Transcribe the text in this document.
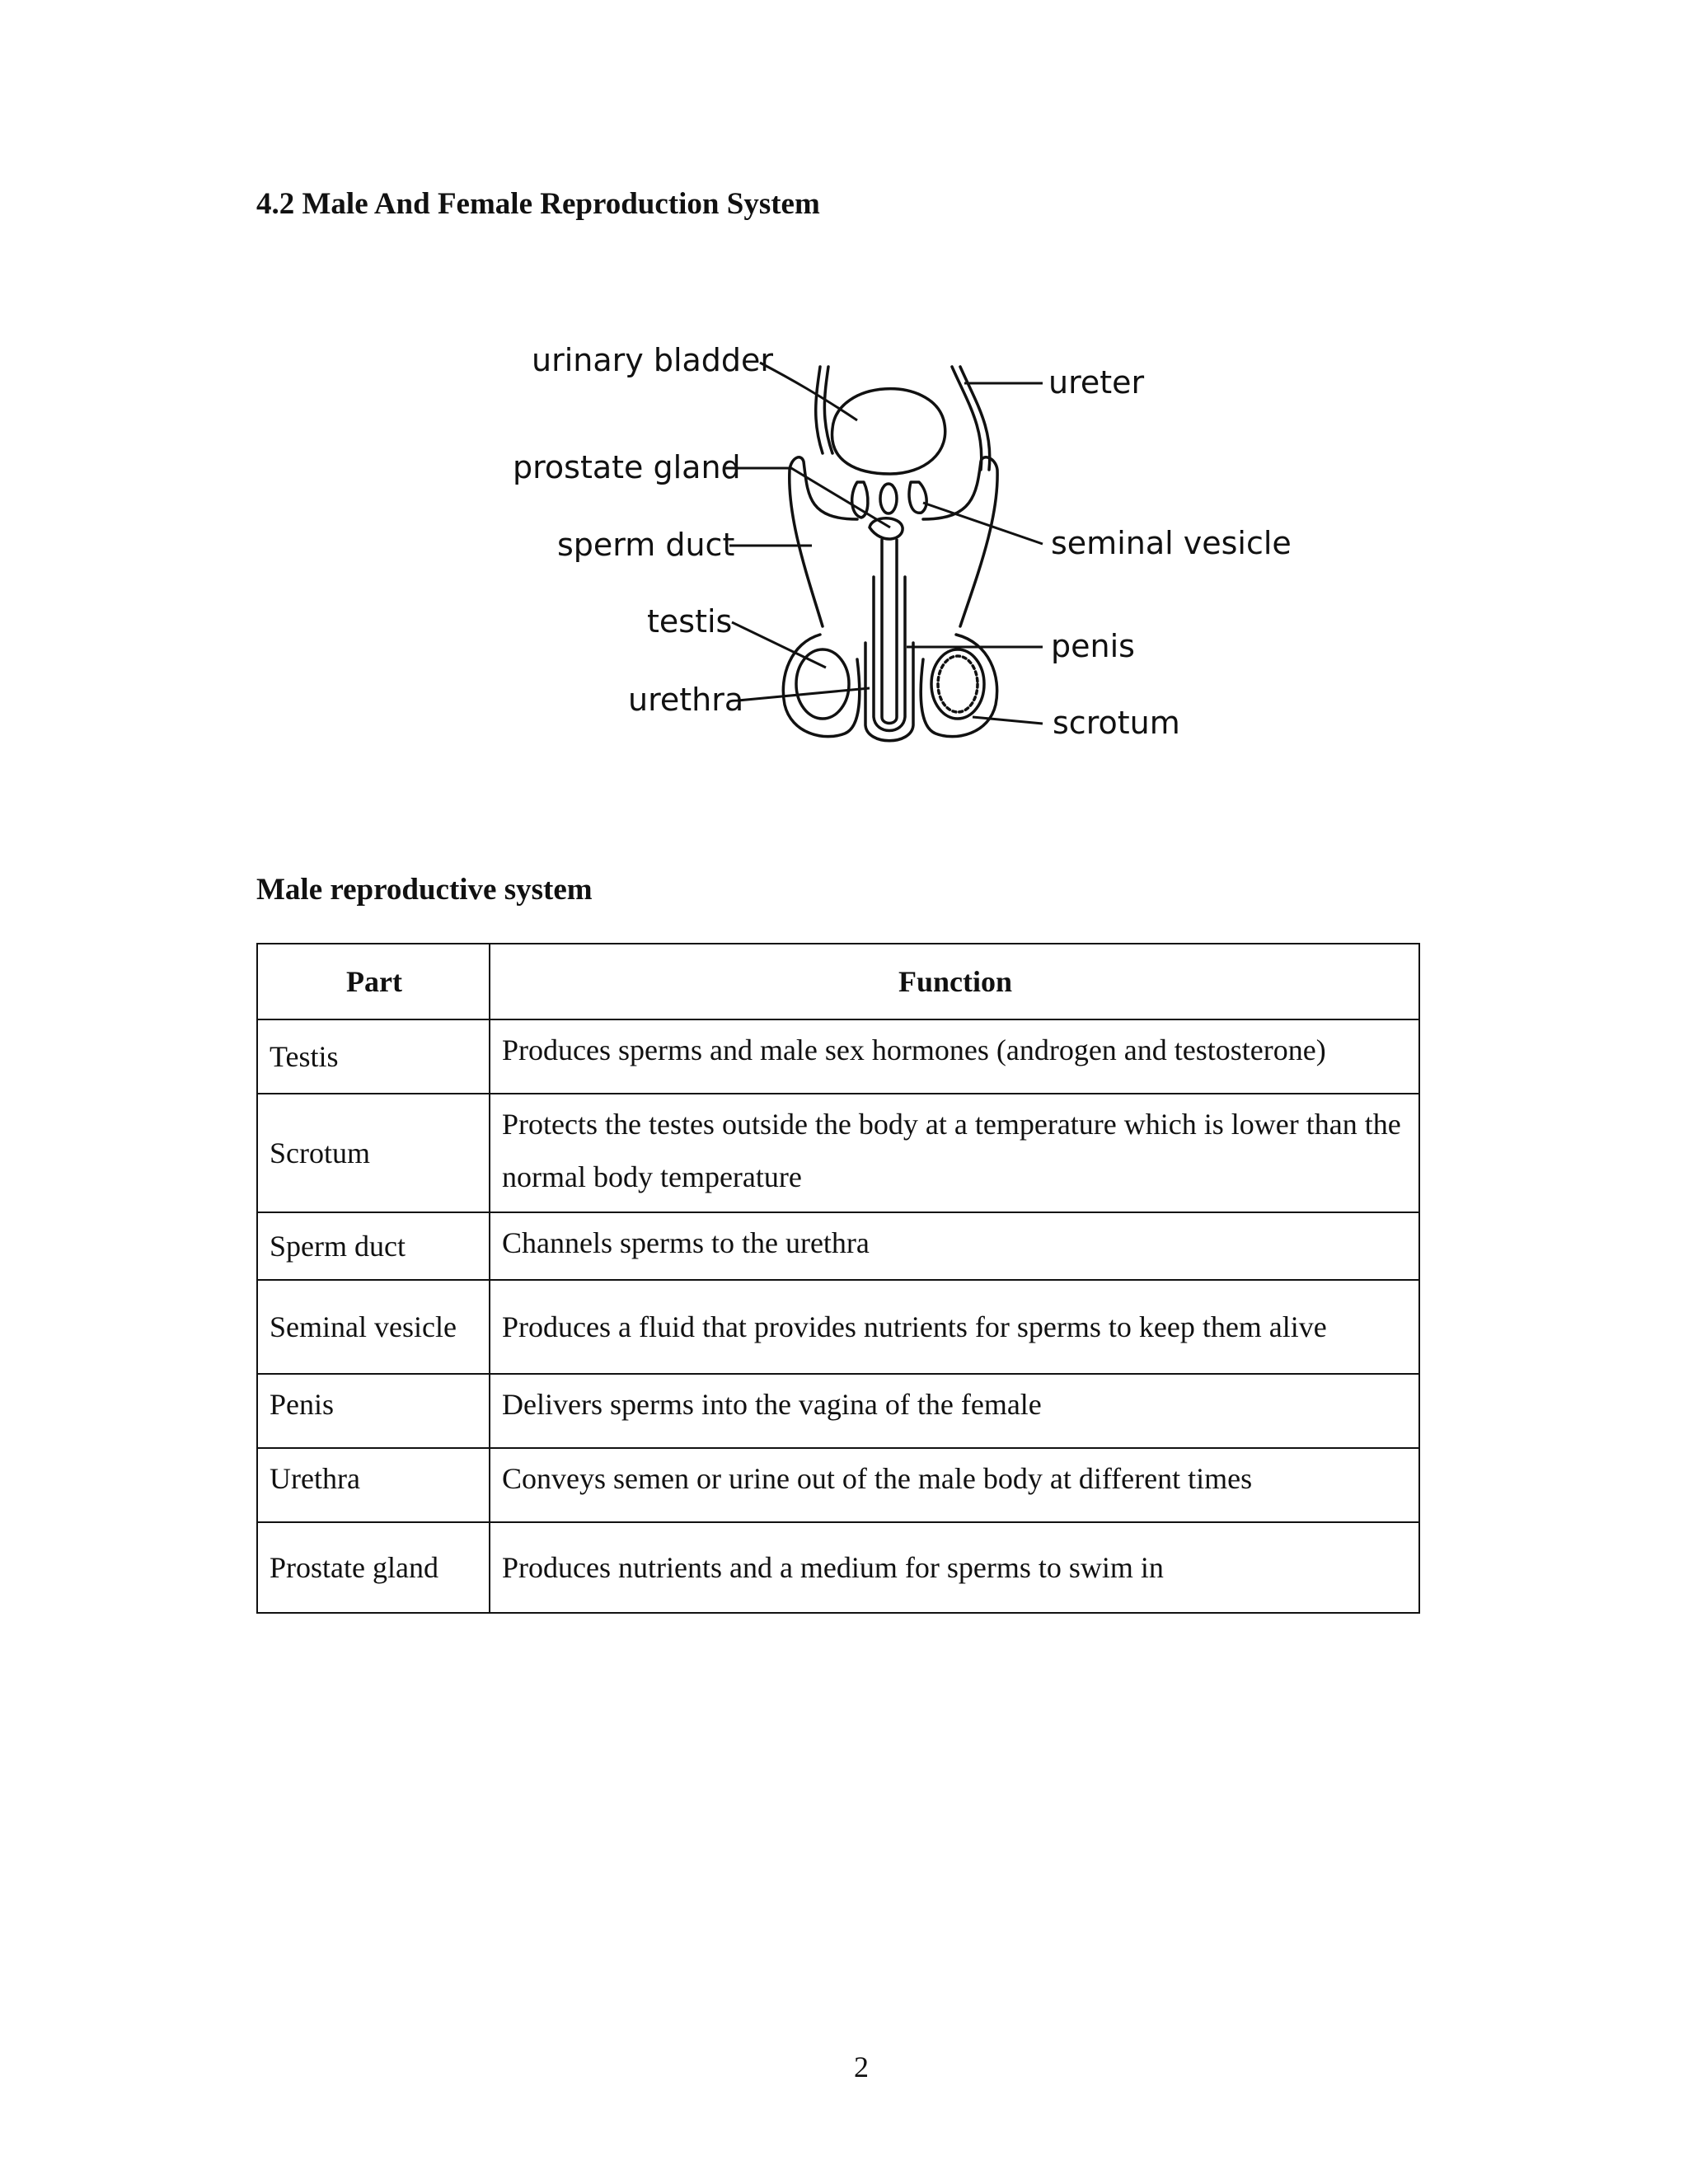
4.2 Male And Female Reproduction System
urinary bladder
prostate gland
sperm duct
testis
urethra
ureter
seminal vesicle
penis
scrotum
Male reproductive system
Part	Function
Testis	Produces sperms and male sex hormones (androgen and testosterone)
Scrotum	Protects the testes outside the body at a temperature which is lower than the normal body temperature
Sperm duct	Channels sperms to the urethra
Seminal vesicle	Produces a fluid that provides nutrients for sperms to keep them alive
Penis	Delivers sperms into the vagina of the female
Urethra	Conveys semen or urine out of the male body at different times
Prostate gland	Produces nutrients and a medium for sperms to swim in
2
